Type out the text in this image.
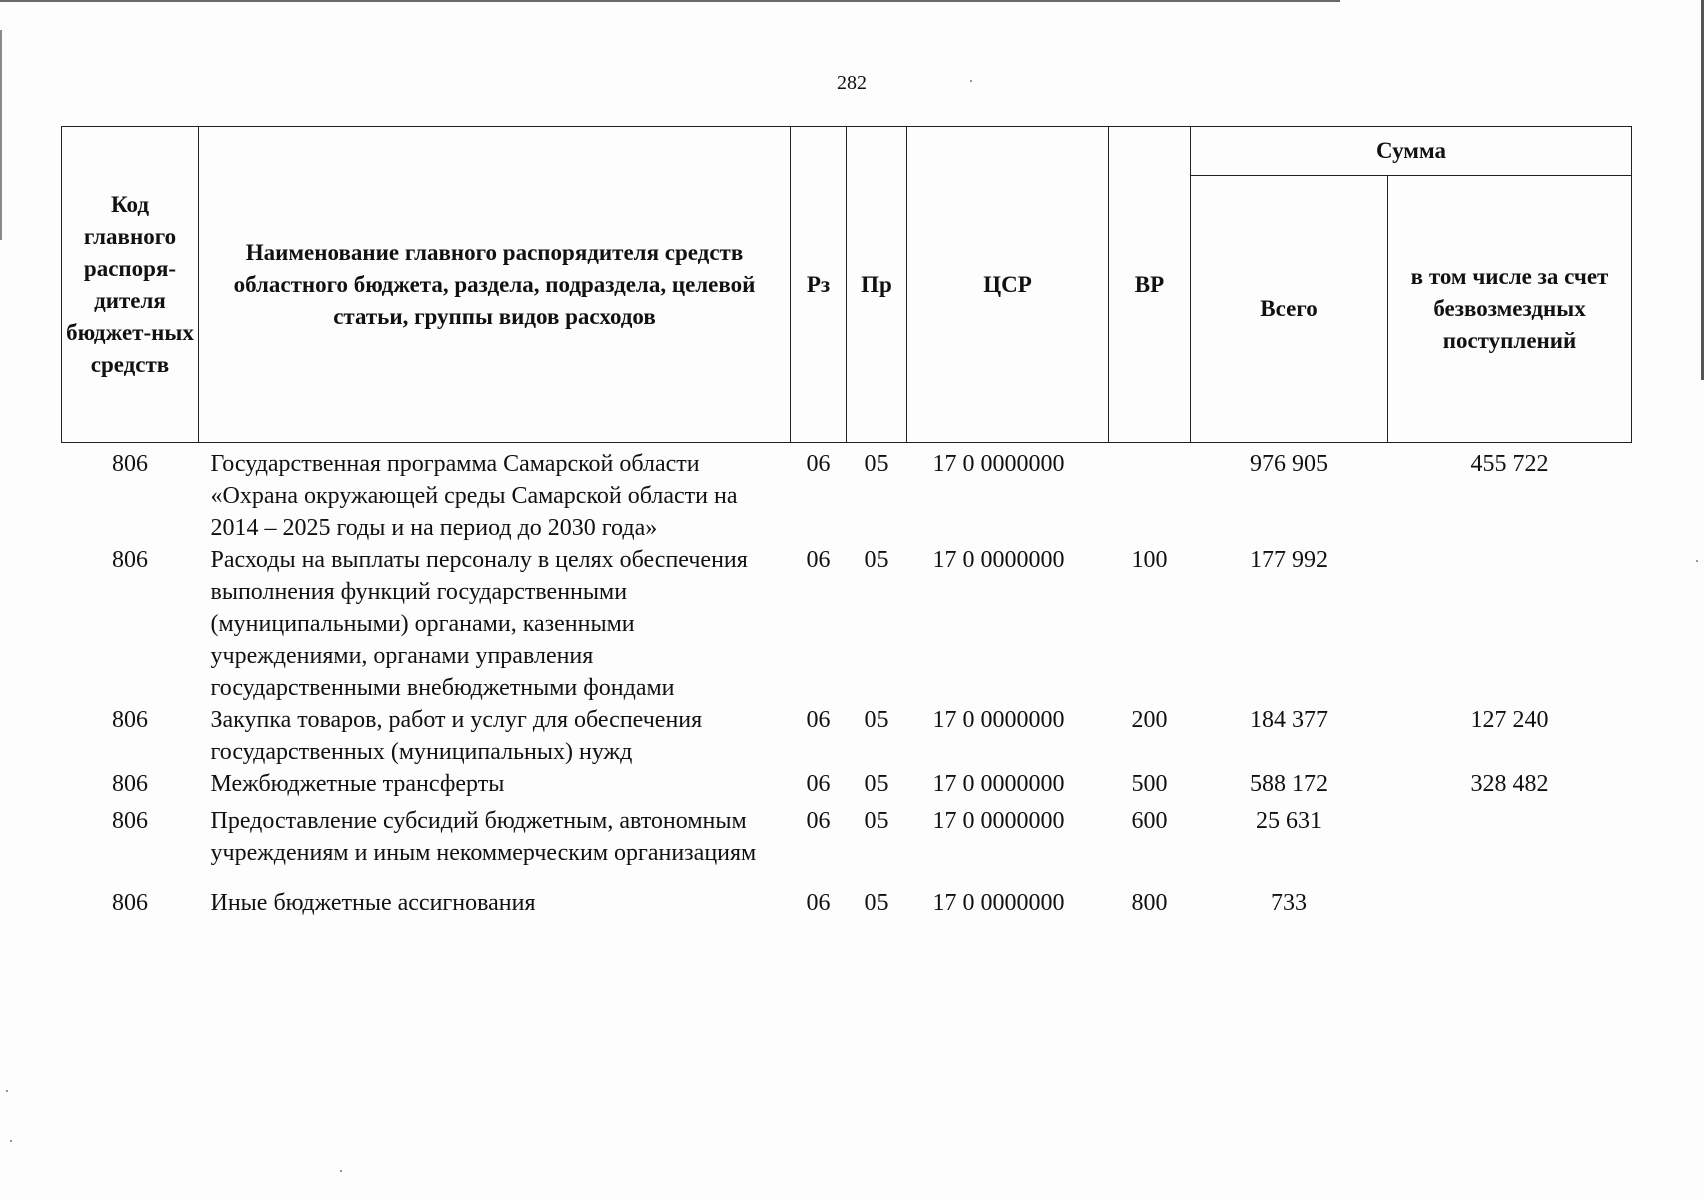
282
Код главного распоря-дителя бюджет-ных средств	Наименование главного распорядителя средств областного бюджета, раздела, подраздела, целевой статьи, группы видов расходов	Рз	Пр	ЦСР	ВР	Сумма	
						Всего	в том числе за счет безвозмездных поступлений
806	Государственная программа Самарской области «Охрана окружающей среды Самарской области на 2014 – 2025 годы и на период до 2030 года»	06	05	17 0 0000000		976 905	455 722
806	Расходы на выплаты персоналу в целях обеспечения выполнения функций государственными (муниципальными) органами, казенными учреждениями, органами управления государственными внебюджетными фондами	06	05	17 0 0000000	100	177 992	
806	Закупка товаров, работ и услуг для обеспечения государственных (муниципальных) нужд	06	05	17 0 0000000	200	184 377	127 240
806	Межбюджетные трансферты	06	05	17 0 0000000	500	588 172	328 482
806	Предоставление субсидий бюджетным, автономным учреждениям и иным некоммерческим организациям	06	05	17 0 0000000	600	25 631	
806	Иные бюджетные ассигнования	06	05	17 0 0000000	800	733	
